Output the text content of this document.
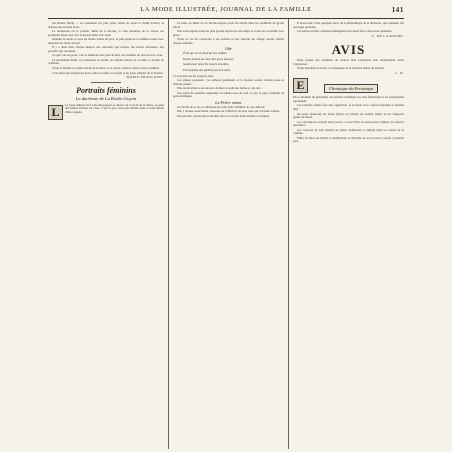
LA MODE ILLUSTRÉE, JOURNAL DE LA FAMILLE	141

par Renée Hardy — en remontant les plus jolies tables de toute la vieille France, le charme des anciens jours.

Le renouveau est le présent. Mme de la Roche, la voix heureuse de la saison, les premières fleurs que tout le monde aime voir venir.

Pendant le retour et sous les beaux arbres du parc, la plus jeune de la famille écoute avec attention les récits du soir.

Il y a ainsi dans chaque maison des souvenirs qui restent, des lettres anciennes, des portraits qui racontent.

Ce que l'on en garde, c'est la mémoire des gens de bien, des femmes de devoir et de cœur.

Le lendemain matin, la promenade au jardin, les enfants autour de la table, la lecture en commun.

Toute la famille se réunit autour de la mère, et la soirée s'achève dans la douce lumière.

C'est ainsi que passent les jours, entre la prière, le travail et les joies simples de la maison.

MARIE-FRANÇOISE.

Portraits féminins
La duchesse de La Roche-Guyon
L	Le beau château de La Roche-Guyon se dresse sur le bord de la Seine, au pied des hautes falaises de craie. C'est là qu'a vécu une femme dont le nom mérite d'être rappelé.

La mère de Mme de La Roche-Guyon avait été élevée dans les traditions du grand siècle.

Elle avait auprès d'elle les plus grands esprits de son temps et savait les accueillir avec grâce.

Toute sa vie fut consacrée à ses enfants et aux pauvres du village qu'elle visitait chaque semaine.

Ode
Ô toi qui vis au fond de nos vallées,
Douce pensée au cœur des jours anciens,
Garde pour nous les heures envolées,
Et le parfum des jardins qui sont tiens.

Ce souvenir lui fut toujours cher.

Les années passèrent ; les enfants grandirent, et la maison connut d'autres joies et d'autres peines.

Elle savait mêler à ses devoirs de mère le goût des lettres et des arts.

Son salon fut pendant longtemps le rendez-vous de tout ce que le pays comptait de gens distingués.

La Prière intime

Au déclin de sa vie, la duchesse se retira dans l'intimité de son château.

Elle y mourut doucement, entourée de l'affection de tous ceux qui l'avaient connue.

On peut dire qu'elle laissa derrière elle le souvenir d'une femme accomplie.

Il nous reste à dire quelques mots de la bibliothèque de la duchesse, qui contenait des ouvrages précieux.

Les lettres qu'elle a laissées témoignent d'un esprit fin et d'un cœur généreux.

L. DE LA ROCHE.

AVIS

Nous prions nos abonnées de vouloir bien renouveler leur abonnement avant l'expiration.

Toute demande doit être accompagnée de la dernière bande du journal.

L. D.

Chronique du Printemps
E

En ce moment du printemps, les jardins s'éveillent, les lilas fleurissent et les promenades reprennent.

Les toilettes claires font leur apparition, et la mode de la saison nouvelle se dessine déjà.

On porte beaucoup les tissus légers, les rubans de couleur tendre et les chapeaux garnis de fleurs.

Les expositions ouvrent leurs portes, et tout Paris se presse pour admirer les œuvres nouvelles.

Les concerts du soir attirent un public nombreux et élégant dans les salons de la capitale.

Enfin les fêtes de charité se multiplient, et chacune de nos lectrices voudra y prendre part.
